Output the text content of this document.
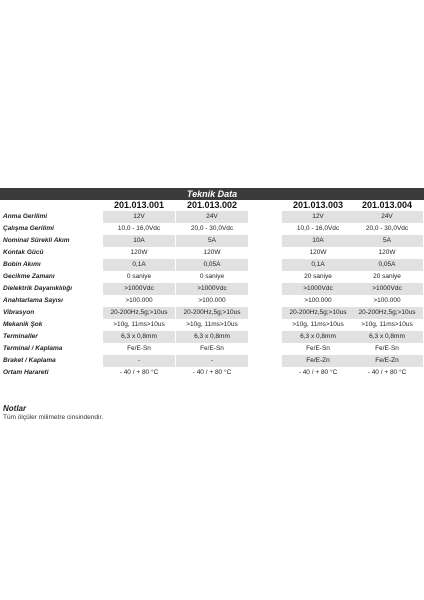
Teknik Data
201.013.001	201.013.002	201.013.003	201.013.004
Anma Gerilimi	12V	24V	12V	24V
Çalışma Gerilimi	10,0 - 16,0Vdc	20,0 - 30,0Vdc	10,0 - 16,0Vdc	20,0 - 30,0Vdc
Nominal Sürekli Akım	10A	5A	10A	5A
Kontak Gücü	120W	120W	120W	120W
Bobin Akımı	0,1A	0,05A	0,1A	0,05A
Gecikme Zamanı	0 saniye	0 saniye	20 saniye	20 saniye
Dielektrik Dayanıklılığı	>1000Vdc	>1000Vdc	>1000Vdc	>1000Vdc
Anahtarlama Sayısı	>100.000	>100.000	>100.000	>100.000
Vibrasyon	20-200Hz,5g;>10us	20-200Hz,5g;>10us	20-200Hz,5g;>10us	20-200Hz,5g;>10us
Mekanik Şok	>10g, 11ms>10us	>10g, 11ms>10us	>10g, 11ms>10us	>10g, 11ms>10us
Terminaller	6,3 x 0,8mm	6,3 x 0,8mm	6,3 x 0,8mm	6,3 x 0,8mm
Terminal / Kaplama	Fe/E-Sn	Fe/E-Sn	Fe/E-Sn	Fe/E-Sn
Braket / Kaplama	-	-	Fe/E-Zn	Fe/E-Zn
Ortam Harareti	- 40 / + 80 °C	- 40 / + 80 °C	- 40 / + 80 °C	- 40 / + 80 °C
Notlar
Tüm ölçüler milimetre cinsindendir.
